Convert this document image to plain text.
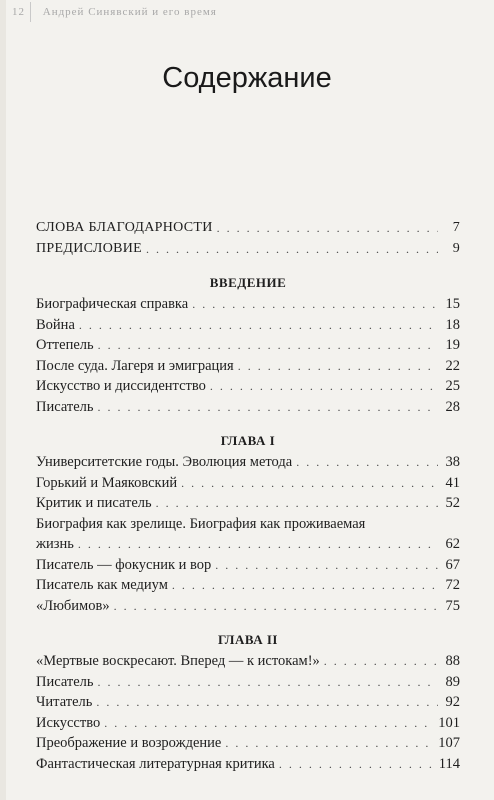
12 Андрей Синявский и его время
Содержание
СЛОВА БЛАГОДАРНОСТИ . . .	7
ПРЕДИСЛОВИЕ . . .	9
ВВЕДЕНИЕ
Биографическая справка . . .	15
Война . . .	18
Оттепель . . .	19
После суда. Лагеря и эмиграция . . .	22
Искусство и диссидентство . . .	25
Писатель . . .	28
ГЛАВА I
Университетские годы. Эволюция метода . . .	38
Горький и Маяковский . . .	41
Критик и писатель . . .	52
Биография как зрелище. Биография как проживаемая
жизнь . . .	62
Писатель — фокусник и вор . . .	67
Писатель как медиум . . .	72
«Любимов» . . .	75
ГЛАВА II
«Мертвые воскресают. Вперед — к истокам!» . . .	88
Писатель . . .	89
Читатель . . .	92
Искусство . . .	101
Преображение и возрождение . . .	107
Фантастическая литературная критика . . .	114
